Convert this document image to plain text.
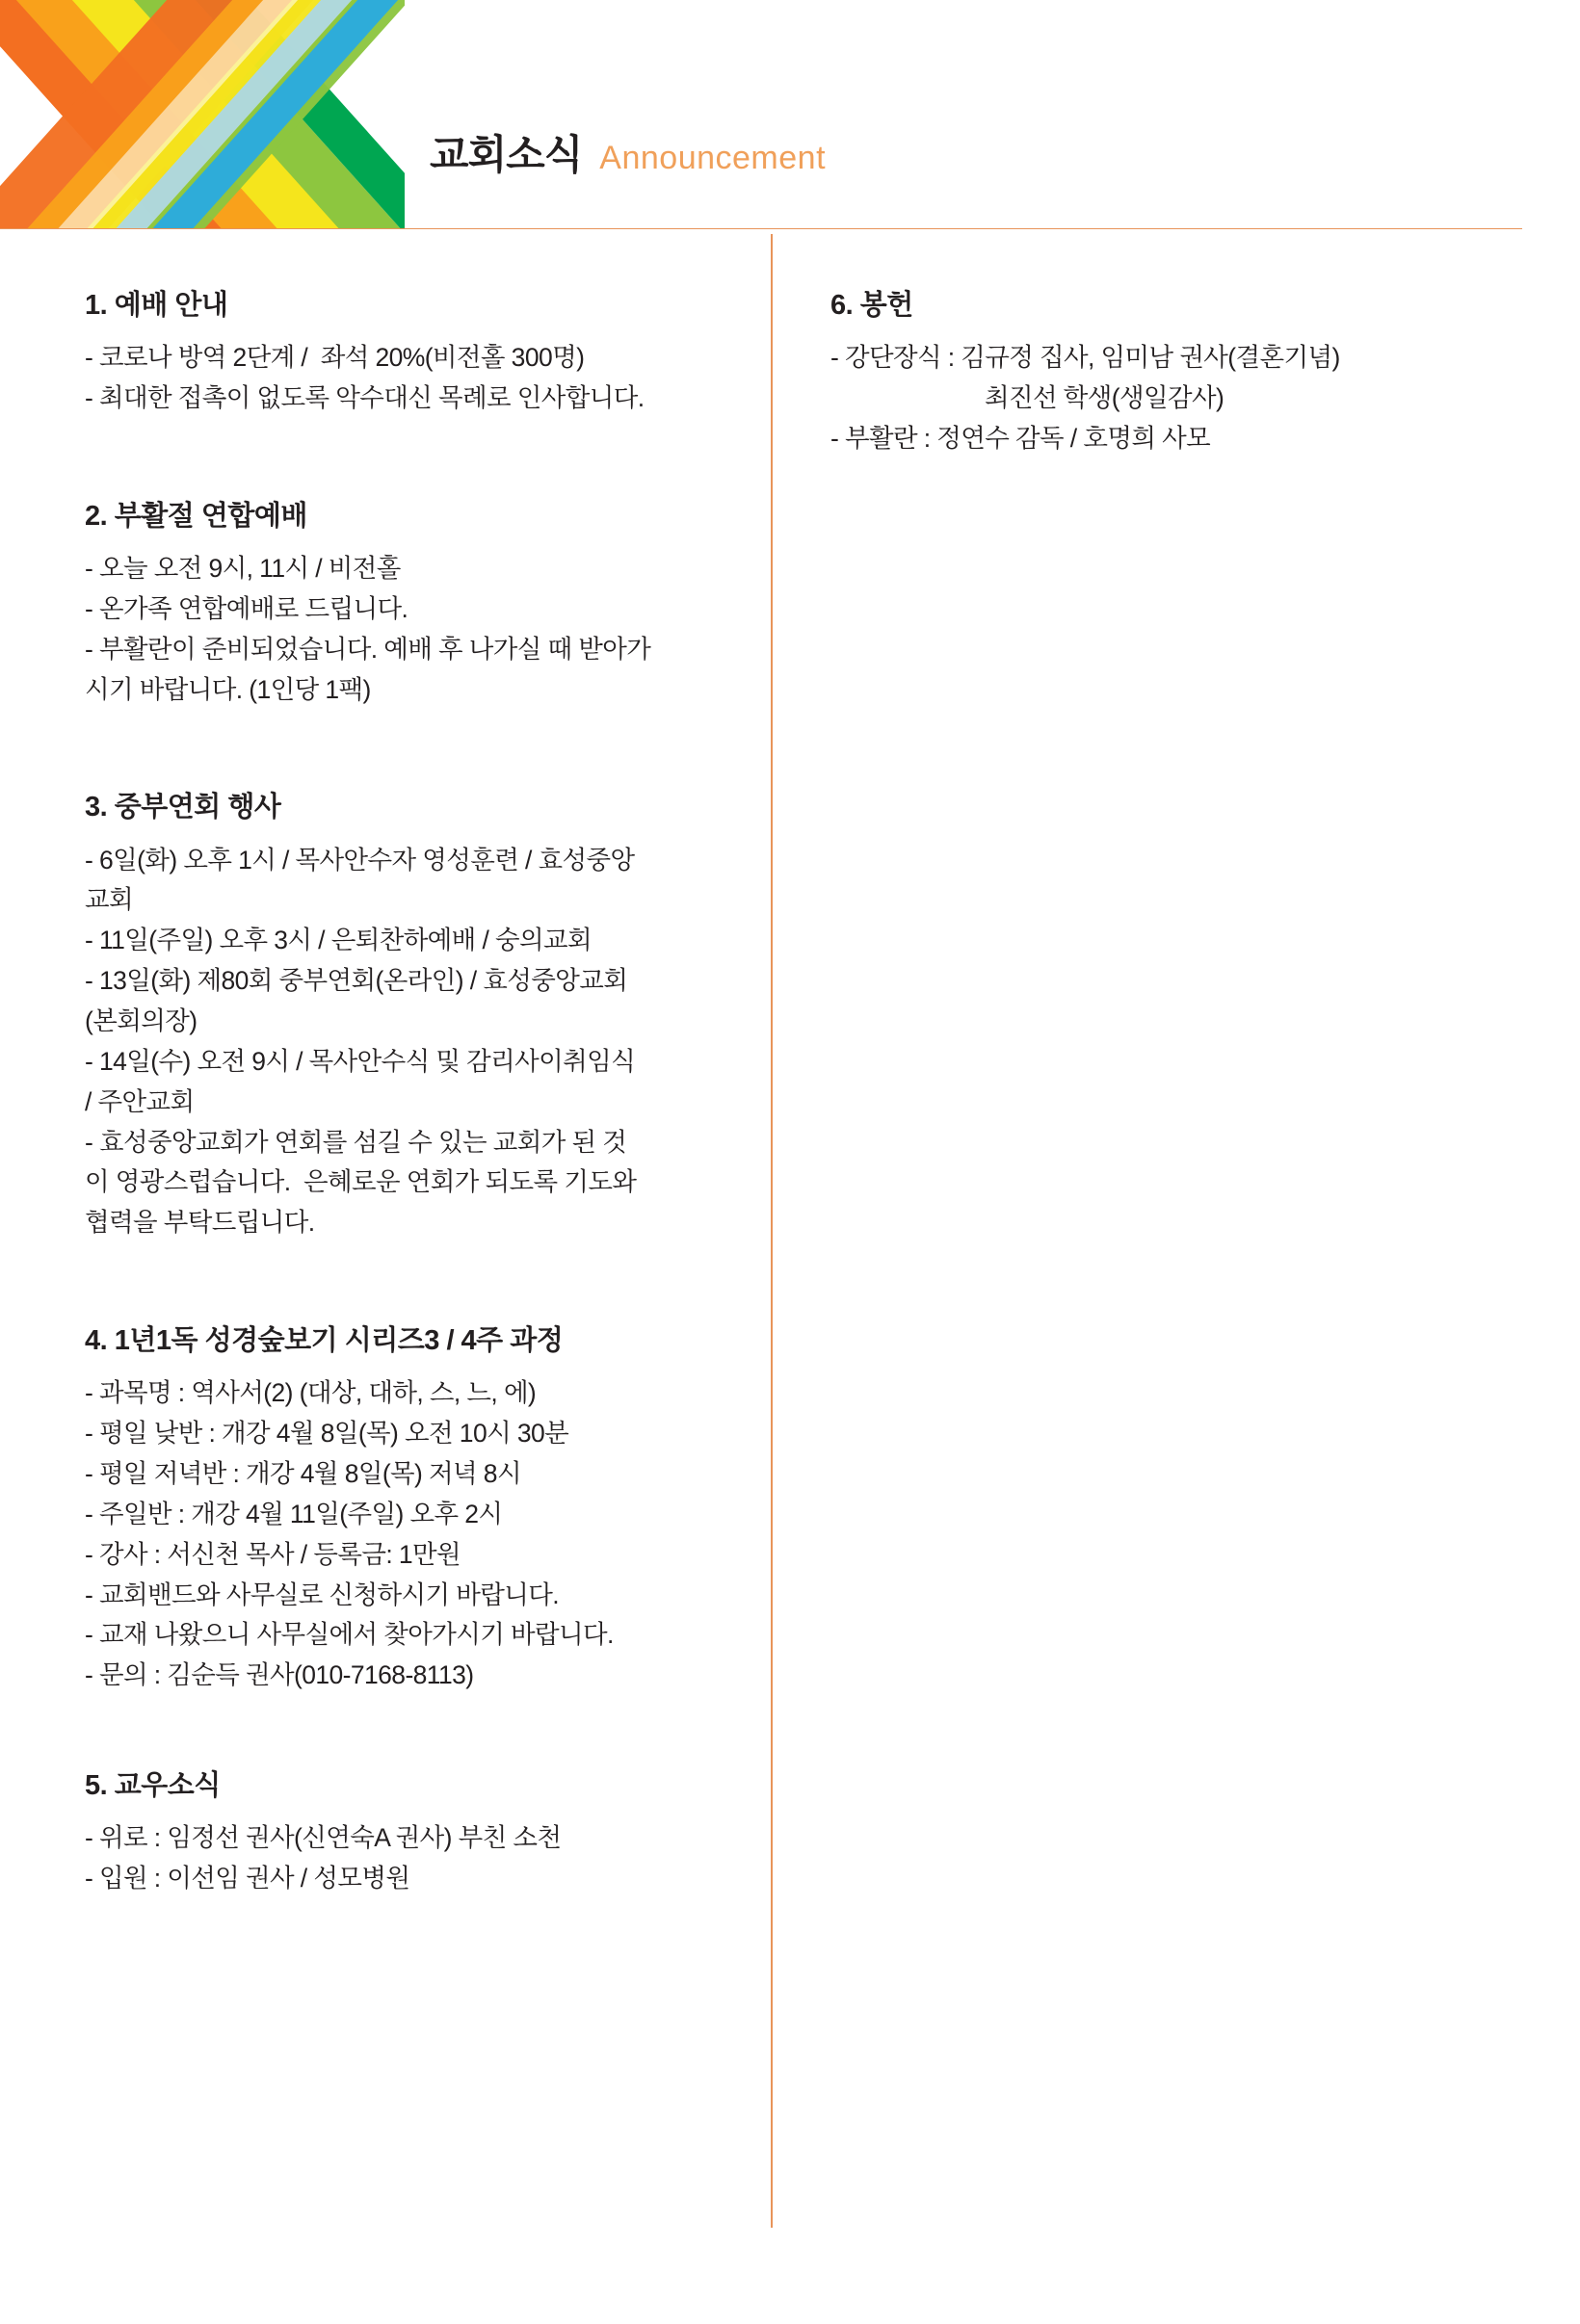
교회소식 Announcement
1. 예배 안내

- 코로나 방역 2단계 /  좌석 20%(비전홀 300명)

- 최대한 접촉이 없도록 악수대신 목례로 인사합니다.

2. 부활절 연합예배

- 오늘 오전 9시, 11시 / 비전홀

- 온가족 연합예배로 드립니다.

- 부활란이 준비되었습니다. 예배 후 나가실 때 받아가

시기 바랍니다. (1인당 1팩)

3. 중부연회 행사

- 6일(화) 오후 1시 / 목사안수자 영성훈련 / 효성중앙

교회

- 11일(주일) 오후 3시 / 은퇴찬하예배 / 숭의교회

- 13일(화) 제80회 중부연회(온라인) / 효성중앙교회

(본회의장)

- 14일(수) 오전 9시 / 목사안수식 및 감리사이취임식

/ 주안교회

- 효성중앙교회가 연회를 섬길 수 있는 교회가 된 것

이 영광스럽습니다.  은혜로운 연회가 되도록 기도와

협력을 부탁드립니다.

4. 1년1독 성경숲보기 시리즈3 / 4주 과정

- 과목명 : 역사서(2) (대상, 대하, 스, 느, 에)

- 평일 낮반 : 개강 4월 8일(목) 오전 10시 30분

- 평일 저녁반 : 개강 4월 8일(목) 저녁 8시

- 주일반 : 개강 4월 11일(주일) 오후 2시

- 강사 : 서신천 목사 / 등록금: 1만원

- 교회밴드와 사무실로 신청하시기 바랍니다.

- 교재 나왔으니 사무실에서 찾아가시기 바랍니다.

- 문의 : 김순득 권사(010-7168-8113)

5. 교우소식

- 위로 : 임정선 권사(신연숙A 권사) 부친 소천

- 입원 : 이선임 권사 / 성모병원

6. 봉헌

- 강단장식 : 김규정 집사, 임미남 권사(결혼기념)

최진선 학생(생일감사)

- 부활란 : 정연수 감독 / 호명희 사모
